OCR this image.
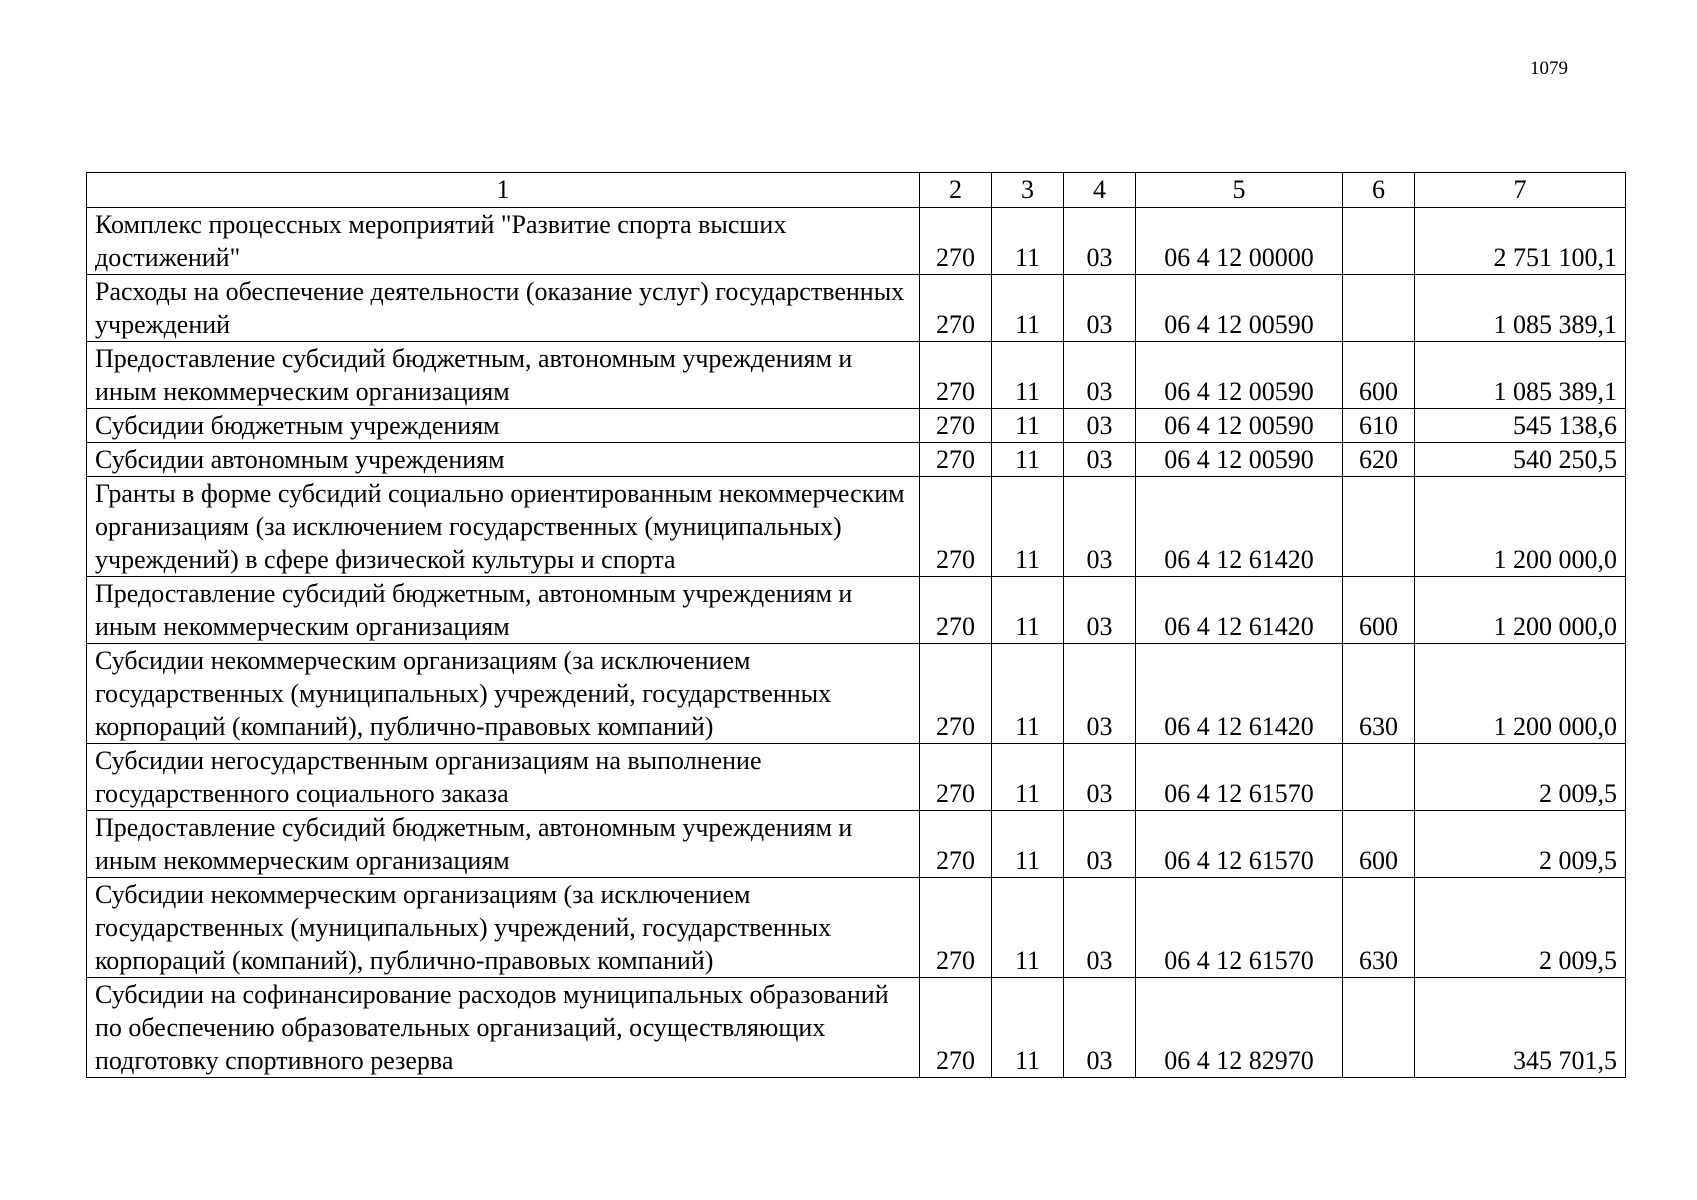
1079
1	2	3	4	5	6	7
Комплекс процессных мероприятий "Развитие спорта высших достижений"	270	11	03	06 4 12 00000		2 751 100,1
Расходы на обеспечение деятельности (оказание услуг) государственных учреждений	270	11	03	06 4 12 00590		1 085 389,1
Предоставление субсидий бюджетным, автономным учреждениям и иным некоммерческим организациям	270	11	03	06 4 12 00590	600	1 085 389,1
Субсидии бюджетным учреждениям	270	11	03	06 4 12 00590	610	545 138,6
Субсидии автономным учреждениям	270	11	03	06 4 12 00590	620	540 250,5
Гранты в форме субсидий социально ориентированным некоммерческим организациям (за исключением государственных (муниципальных) учреждений) в сфере физической культуры и спорта	270	11	03	06 4 12 61420		1 200 000,0
Предоставление субсидий бюджетным, автономным учреждениям и иным некоммерческим организациям	270	11	03	06 4 12 61420	600	1 200 000,0
Субсидии некоммерческим организациям (за исключением государственных (муниципальных) учреждений, государственных корпораций (компаний), публично-правовых компаний)	270	11	03	06 4 12 61420	630	1 200 000,0
Субсидии негосударственным организациям на выполнение государственного социального заказа	270	11	03	06 4 12 61570		2 009,5
Предоставление субсидий бюджетным, автономным учреждениям и иным некоммерческим организациям	270	11	03	06 4 12 61570	600	2 009,5
Субсидии некоммерческим организациям (за исключением государственных (муниципальных) учреждений, государственных корпораций (компаний), публично-правовых компаний)	270	11	03	06 4 12 61570	630	2 009,5
Субсидии на софинансирование расходов муниципальных образований по обеспечению образовательных организаций, осуществляющих подготовку спортивного резерва	270	11	03	06 4 12 82970		345 701,5
